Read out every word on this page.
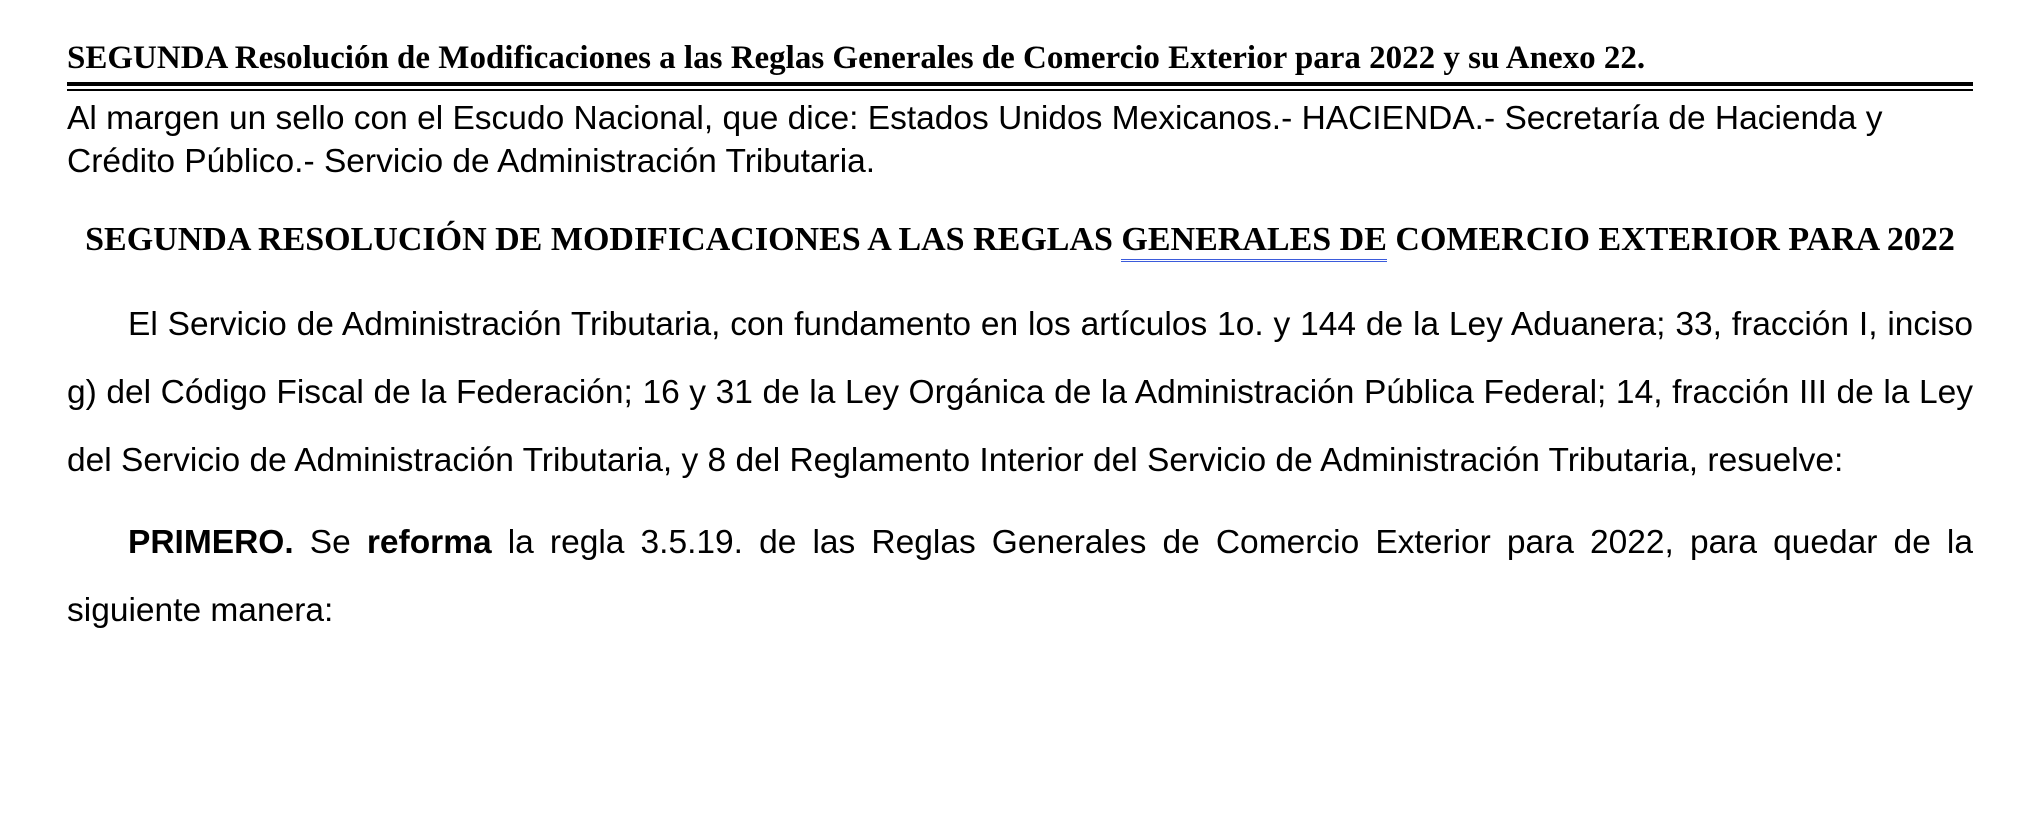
SEGUNDA Resolución de Modificaciones a las Reglas Generales de Comercio Exterior para 2022 y su Anexo 22.

Al margen un sello con el Escudo Nacional, que dice: Estados Unidos Mexicanos.- HACIENDA.- Secretaría de Hacienda y Crédito Público.- Servicio de Administración Tributaria.

SEGUNDA RESOLUCIÓN DE MODIFICACIONES A LAS REGLAS GENERALES DE COMERCIO EXTERIOR PARA 2022

El Servicio de Administración Tributaria, con fundamento en los artículos 1o. y 144 de la Ley Aduanera; 33, fracción I, inciso g) del Código Fiscal de la Federación; 16 y 31 de la Ley Orgánica de la Administración Pública Federal; 14, fracción III de la Ley del Servicio de Administración Tributaria, y 8 del Reglamento Interior del Servicio de Administración Tributaria, resuelve:

PRIMERO. Se reforma la regla 3.5.19. de las Reglas Generales de Comercio Exterior para 2022, para quedar de la siguiente manera:
